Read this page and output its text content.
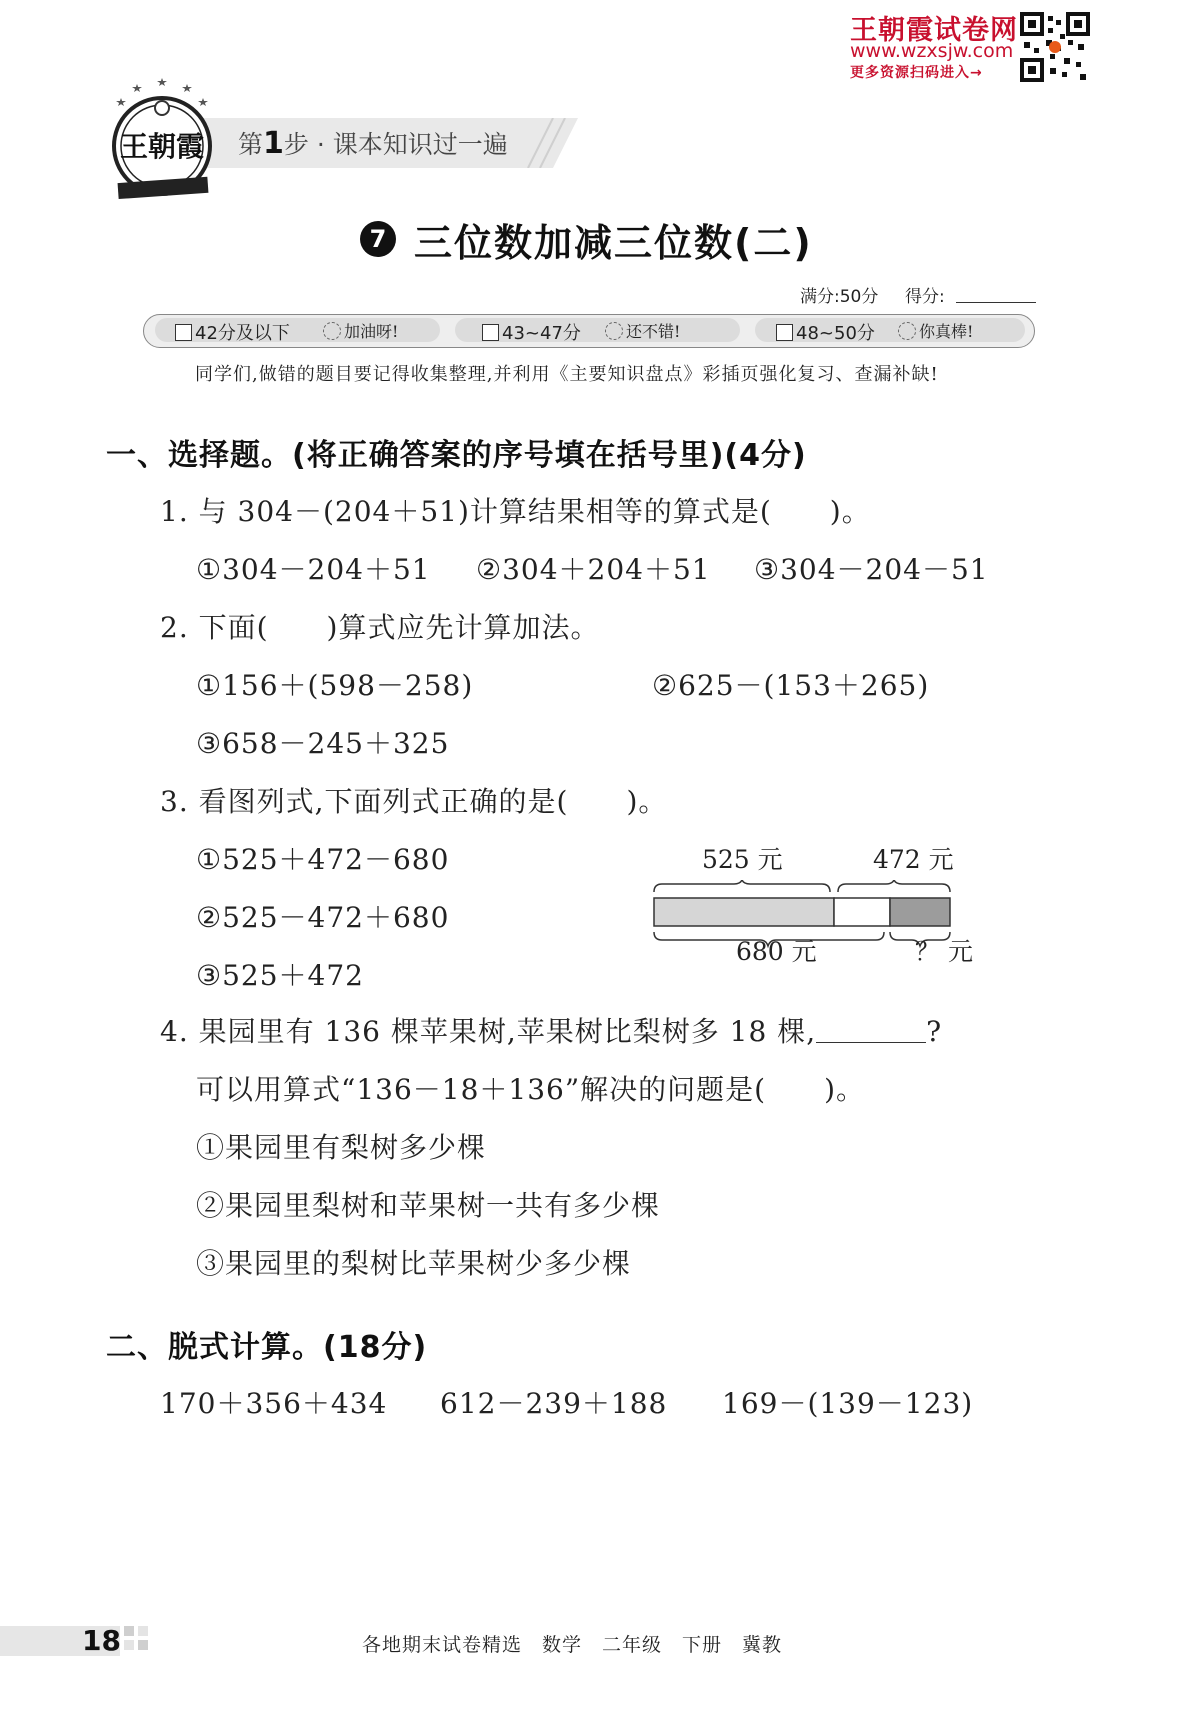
王朝霞试卷网
www.wzxsjw.com
更多资源扫码进入→
第1步 · 课本知识过一遍
王朝霞
7 三位数加减三位数(二)
满分:50分 得分:
42分及以下	加油呀!	43~47分	还不错!	48~50分	你真棒!
同学们,做错的题目要记得收集整理,并利用《主要知识盘点》彩插页强化复习、查漏补缺!
一、选择题。(将正确答案的序号填在括号里)(4分)
1. 与 304－(204＋51)计算结果相等的算式是(　　)。
①304－204＋51 ②304＋204＋51 ③304－204－51
2. 下面(　　)算式应先计算加法。
①156＋(598－258)	②625－(153＋265)
③658－245＋325
3. 看图列式,下面列式正确的是(　　)。
①525＋472－680
②525－472＋680
③525＋472
525 元	472 元
680 元	？ 元
4. 果园里有 136 棵苹果树,苹果树比梨树多 18 棵,	?
可以用算式“136－18＋136”解决的问题是(　　)。
①果园里有梨树多少棵
②果园里梨树和苹果树一共有多少棵
③果园里的梨树比苹果树少多少棵
二、脱式计算。(18分)
170＋356＋434 612－239＋188 169－(139－123)
18	各地期末试卷精选　数学　二年级　下册　冀教
